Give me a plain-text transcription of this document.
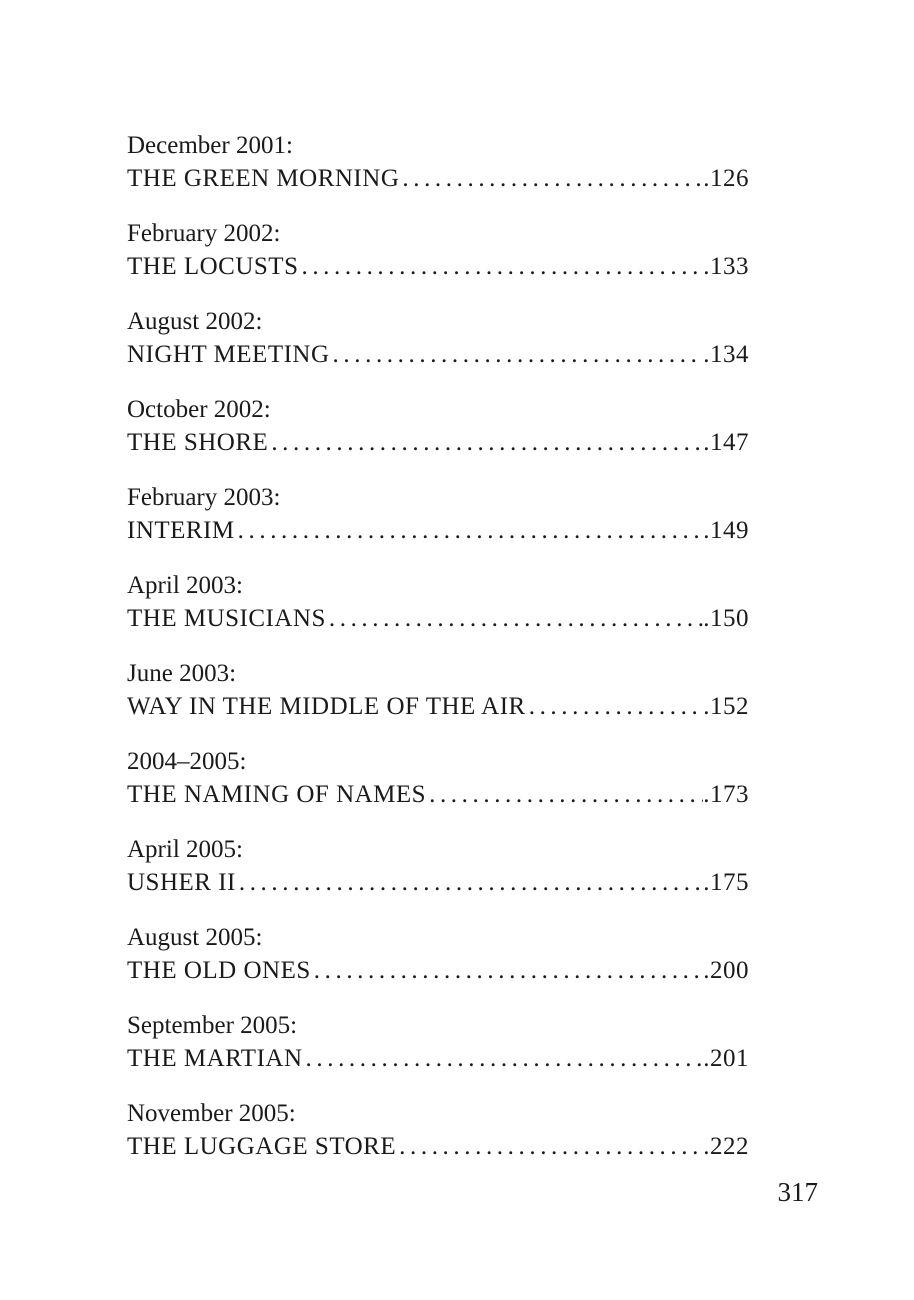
December 2001:
THE GREEN MORNING .....	.126
February 2002:
THE LOCUSTS .....	.133
August 2002:
NIGHT MEETING .....	.134
October 2002:
THE SHORE .....	.147
February 2003:
INTERIM .....	.149
April 2003:
THE MUSICIANS .....	.150
June 2003:
WAY IN THE MIDDLE OF THE AIR .....	.152
2004–2005:
THE NAMING OF NAMES .....	.173
April 2005:
USHER II .....	.175
August 2005:
THE OLD ONES .....	.200
September 2005:
THE MARTIAN .....	.201
November 2005:
THE LUGGAGE STORE .....	.222
317
